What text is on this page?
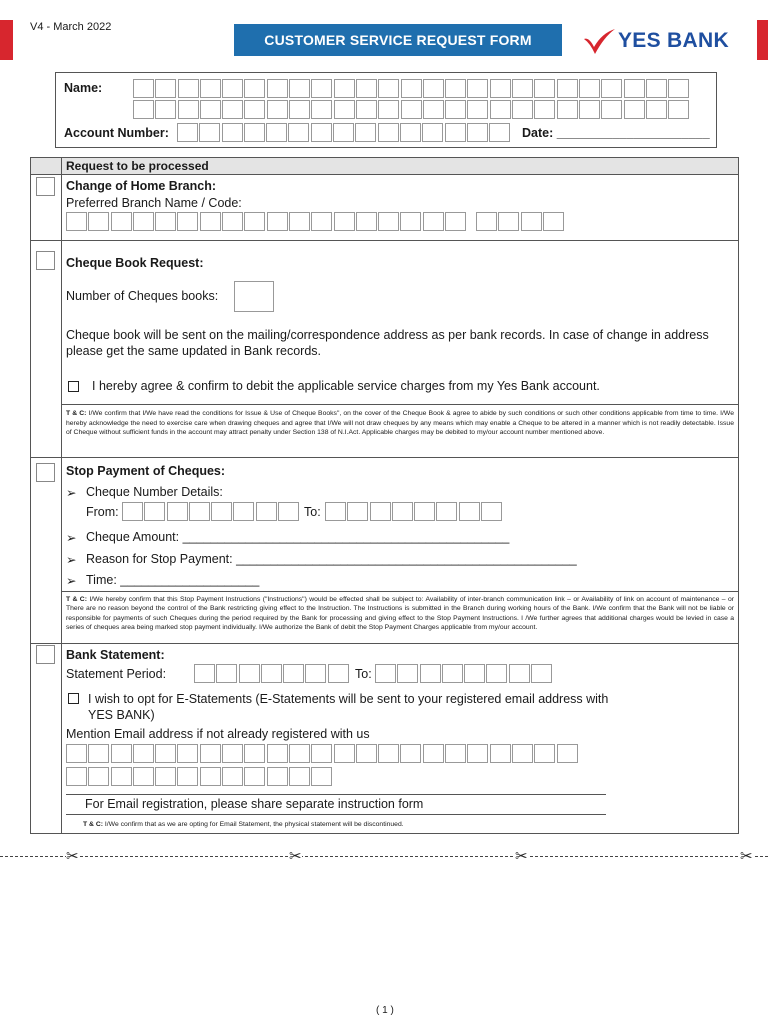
V4 - March 2022
CUSTOMER SERVICE REQUEST FORM	YES BANK
Name:
Account Number:	Date: ______________________
Request to be processed
Change of Home Branch:
Preferred Branch Name / Code:
Cheque Book Request:
Number of Cheques books:
Cheque book will be sent on the mailing/correspondence address as per bank records. In case of change in address please get the same updated in Bank records.
I hereby agree & confirm to debit the applicable service charges from my Yes Bank account.
T & C: I/We confirm that I/We have read the conditions for Issue & Use of Cheque Books", on the cover of the Cheque Book & agree to abide by such conditions or such other conditions applicable from time to time. I/We hereby acknowledge the need to exercise care when drawing cheques and agree that I/We will not draw cheques by any means which may enable a Cheque to be altered in a manner which is not readily detectable. Issue of Cheque without sufficient funds in the account may attract penalty under Section 138 of N.I.Act. Applicable charges may be debited to my/our account number mentioned above.
Stop Payment of Cheques:
➢ Cheque Number Details:
From:	To:
➢ Cheque Amount: _______________________________________________
➢ Reason for Stop Payment: _________________________________________________
➢ Time: ____________________
T & C: I/We hereby confirm that this Stop Payment Instructions ("Instructions") would be effected shall be subject to: Availability of inter-branch communication link – or Availability of link on account of maintenance – or There are no reason beyond the control of the Bank restricting giving effect to the Instruction. The Instructions is submitted in the Branch during working hours of the Bank. I/We confirm that the Bank will not be liable or responsible for payments of such Cheques during the period required by the Bank for processing and giving effect to the Stop Payment Instructions. I /We further agrees that additional charges would be levied in case a series of cheques area being marked stop payment individually. I/We authorize the Bank of debit the Stop Payment Charges applicable from my/our account.
Bank Statement:
Statement Period:	To:
I wish to opt for E-Statements (E-Statements will be sent to your registered email address with YES BANK)
Mention Email address if not already registered with us
For Email registration, please share separate instruction form
T & C: I/We confirm that as we are opting for Email Statement, the physical statement will be discontinued.
✂	✂	✂	✂
( 1 )
